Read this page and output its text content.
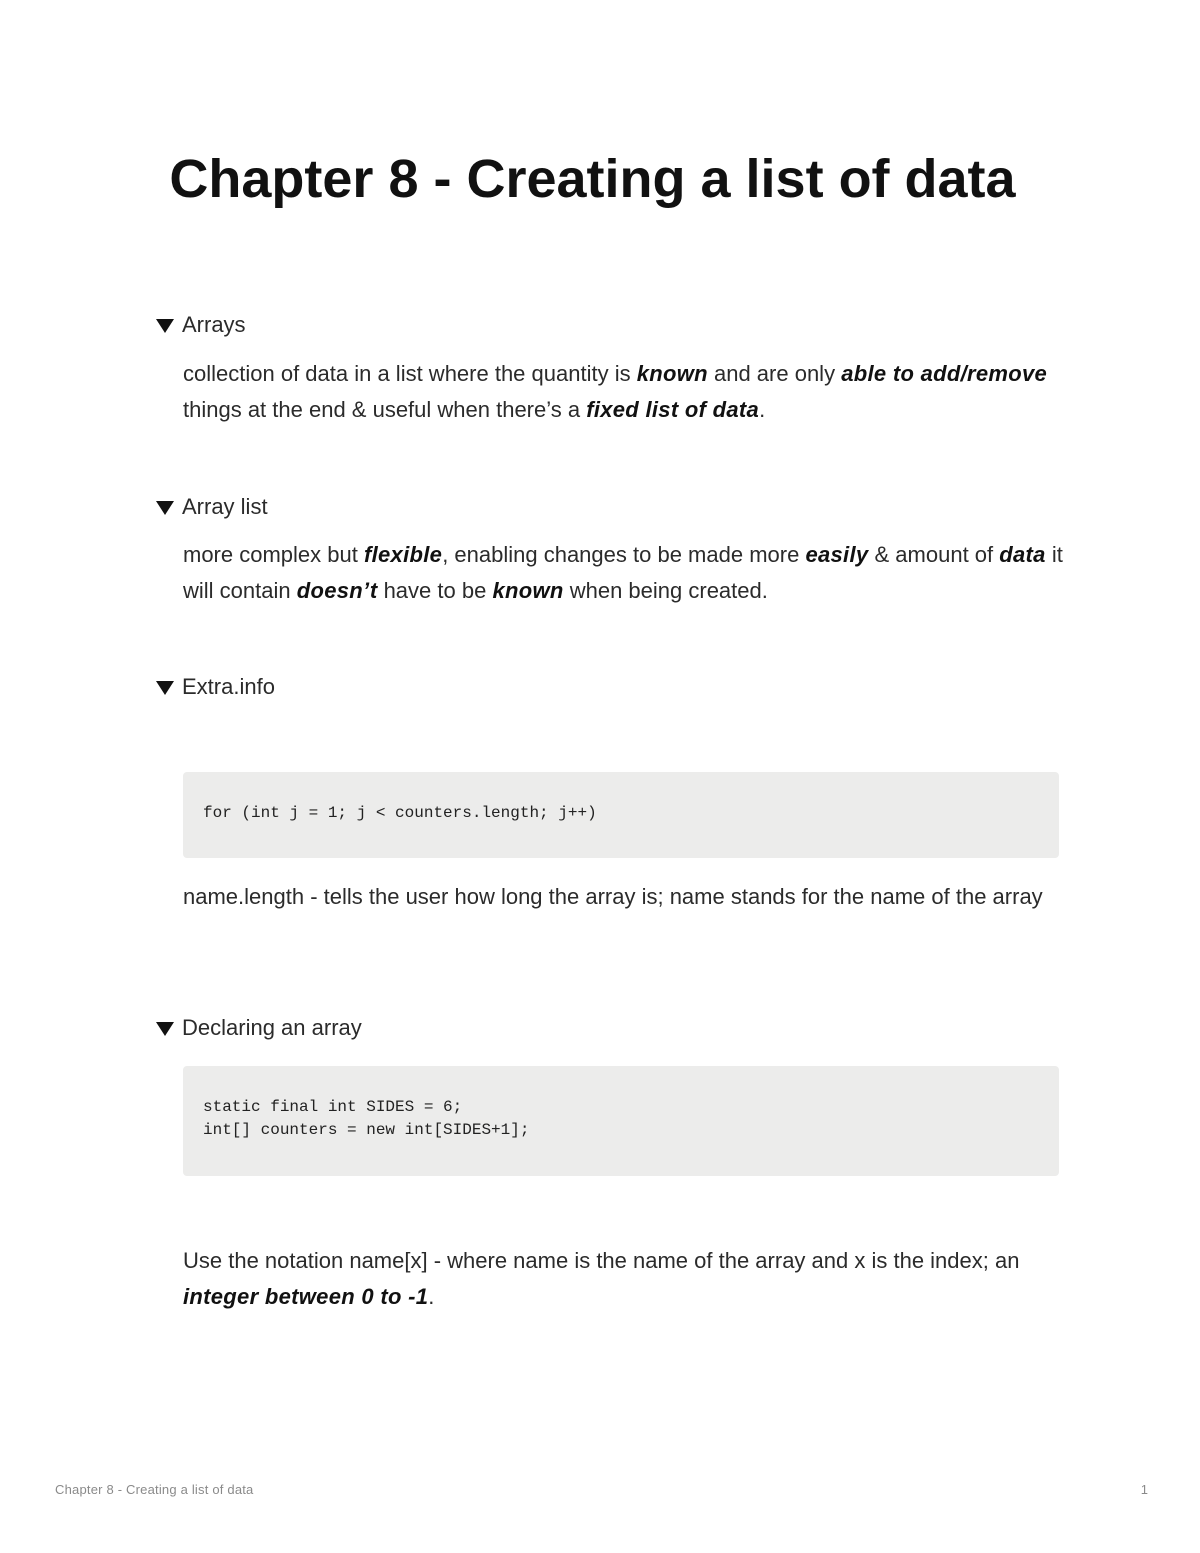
Chapter 8 - Creating a list of data
Arrays

collection of data in a list where the quantity is known and are only able to add/remove things at the end & useful when there’s a fixed list of data.

Array list

more complex but flexible, enabling changes to be made more easily & amount of data it will contain doesn’t have to be known when being created.

Extra.info
for (int j = 1; j < counters.length; j++)

name.length - tells the user how long the array is; name stands for the name of the array

Declaring an array
static final int SIDES = 6;
int[] counters = new int[SIDES+1];

Use the notation name[x] - where name is the name of the array and x is the index; an integer between 0 to -1.

Chapter 8 - Creating a list of data	1
